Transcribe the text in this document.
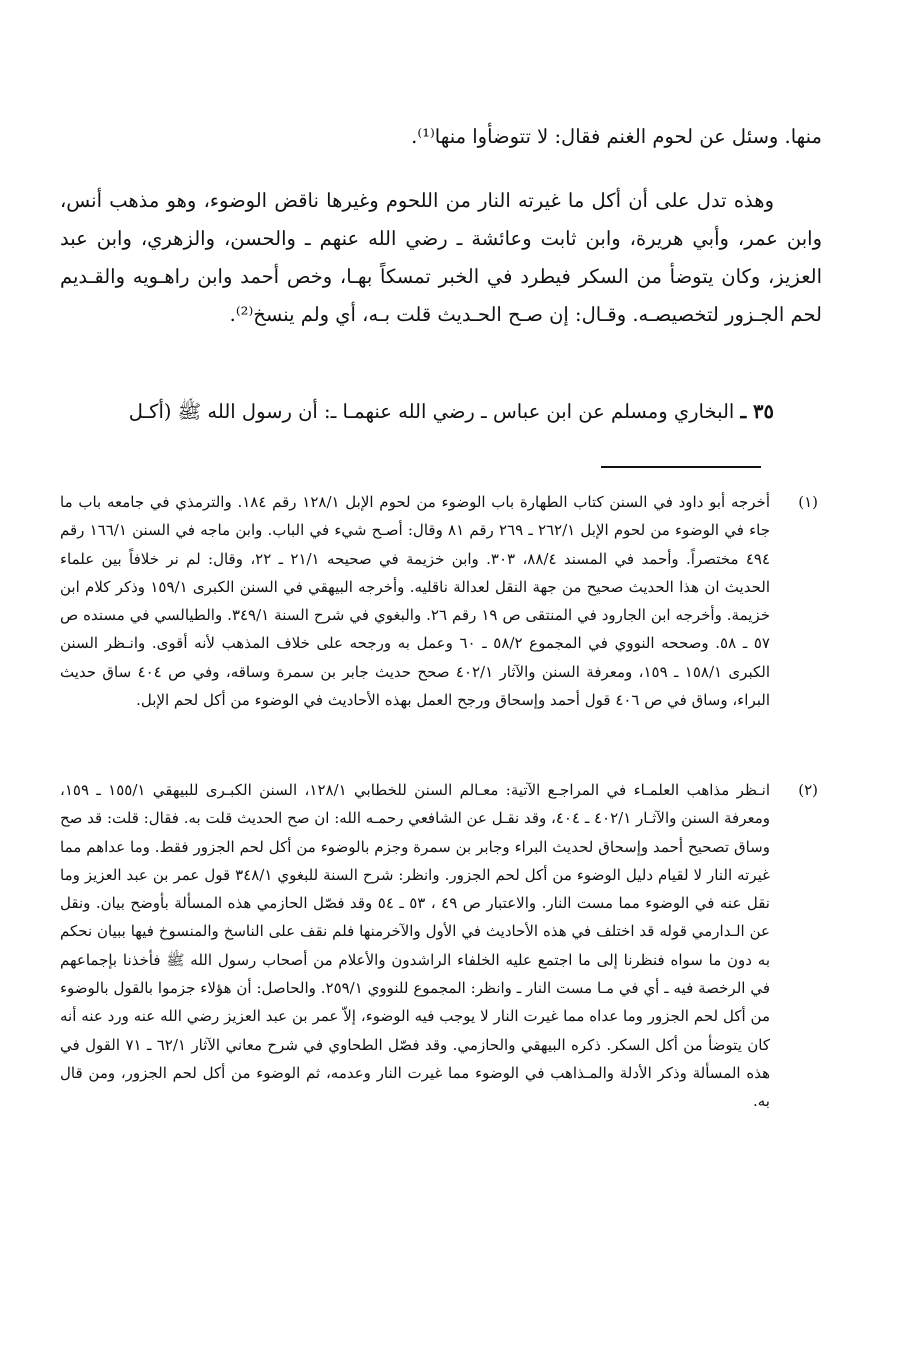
منها. وسئل عن لحوم الغنم فقال: لا تتوضأوا منها⁽¹⁾.

وهذه تدل على أن أكل ما غيرته النار من اللحوم وغيرها ناقض الوضوء، وهو مذهب أنس، وابن عمر، وأبي هريرة، وابن ثابت وعائشة ـ رضي الله عنهم ـ والحسن، والزهري، وابن عبد العزيز، وكان يتوضأ من السكر فيطرد في الخبر تمسكاً بهـا، وخص أحمد وابن راهـويه والقـديم لحم الجـزور لتخصيصـه. وقـال: إن صـح الحـديث قلت بـه، أي ولم ينسخ⁽²⁾.

٣٥ ـ البخاري ومسلم عن ابن عباس ـ رضي الله عنهمـا ـ: أن رسول الله ﷺ (أكـل

(١)
أخرجه أبو داود في السنن كتاب الطهارة باب الوضوء من لحوم الإبل ١٢٨/١ رقم ١٨٤. والترمذي في جامعه باب ما جاء في الوضوء من لحوم الإبل ٢٦٢/١ ـ ٢٦٩ رقم ٨١ وقال: أصـح شيء في الباب. وابن ماجه في السنن ١٦٦/١ رقم ٤٩٤ مختصراً. وأحمد في المسند ٨٨/٤، ٣٠٣. وابن خزيمة في صحيحه ٢١/١ ـ ٢٢، وقال: لم نر خلافاً بين علماء الحديث ان هذا الحديث صحيح من جهة النقل لعدالة ناقليه. وأخرجه البيهقي في السنن الكبرى ١٥٩/١ وذكر كلام ابن خزيمة. وأخرجه ابن الجارود في المنتقى ص ١٩ رقم ٢٦. والبغوي في شرح السنة ٣٤٩/١. والطيالسي في مسنده ص ٥٧ ـ ٥٨. وصححه النووي في المجموع ٥٨/٢ ـ ٦٠ وعمل به ورجحه على خلاف المذهب لأنه أقوى. وانـظر السنن الكبرى ١٥٨/١ ـ ١٥٩، ومعرفة السنن والآثار ٤٠٢/١ صحح حديث جابر بن سمرة وساقه، وفي ص ٤٠٤ ساق حديث البراء، وساق في ص ٤٠٦ قول أحمد وإسحاق ورجح العمل بهذه الأحاديث في الوضوء من أكل لحم الإبل.
(٢)
انـظر مذاهب العلمـاء في المراجـع الآتية: معـالم السنن للخطابي ١٢٨/١، السنن الكبـرى للبيهقي ١٥٥/١ ـ ١٥٩، ومعرفة السنن والآثـار ٤٠٢/١ ـ ٤٠٤، وقد نقـل عن الشافعي رحمـه الله: ان صح الحديث قلت به. فقال: قلت: قد صح وساق تصحيح أحمد وإسحاق لحديث البراء وجابر بن سمرة وجزم بالوضوء من أكل لحم الجزور فقط. وما عداهم مما غيرته النار لا لقيام دليل الوضوء من أكل لحم الجزور. وانظر: شرح السنة للبغوي ٣٤٨/١ قول عمر بن عبد العزيز وما نقل عنه في الوضوء مما مست النار. والاعتبار ص ٤٩ ، ٥٣ ـ ٥٤ وقد فصّل الحازمي هذه المسألة بأوضح بيان. ونقل عن الـدارمي قوله قد اختلف في هذه الأحاديث في الأول والآخرمنها فلم نقف على الناسخ والمنسوخ فيها ببيان نحكم به دون ما سواه فنظرنا إلى ما اجتمع عليه الخلفاء الراشدون والأعلام من أصحاب رسول الله ﷺ فأخذنا بإجماعهم في الرخصة فيه ـ أي في مـا مست النار ـ وانظر: المجموع للنووي ٢٥٩/١. والحاصل: أن هؤلاء جزموا بالقول بالوضوء من أكل لحم الجزور وما عداه مما غيرت النار لا يوجب فيه الوضوء، إلاّ عمر بن عبد العزيز رضي الله عنه ورد عنه أنه كان يتوضأ من أكل السكر. ذكره البيهقي والحازمي. وقد فصّل الطحاوي في شرح معاني الآثار ٦٢/١ ـ ٧١ القول في هذه المسألة وذكر الأدلة والمـذاهب في الوضوء مما غيرت النار وعدمه، ثم الوضوء من أكل لحم الجزور، ومن قال به.
